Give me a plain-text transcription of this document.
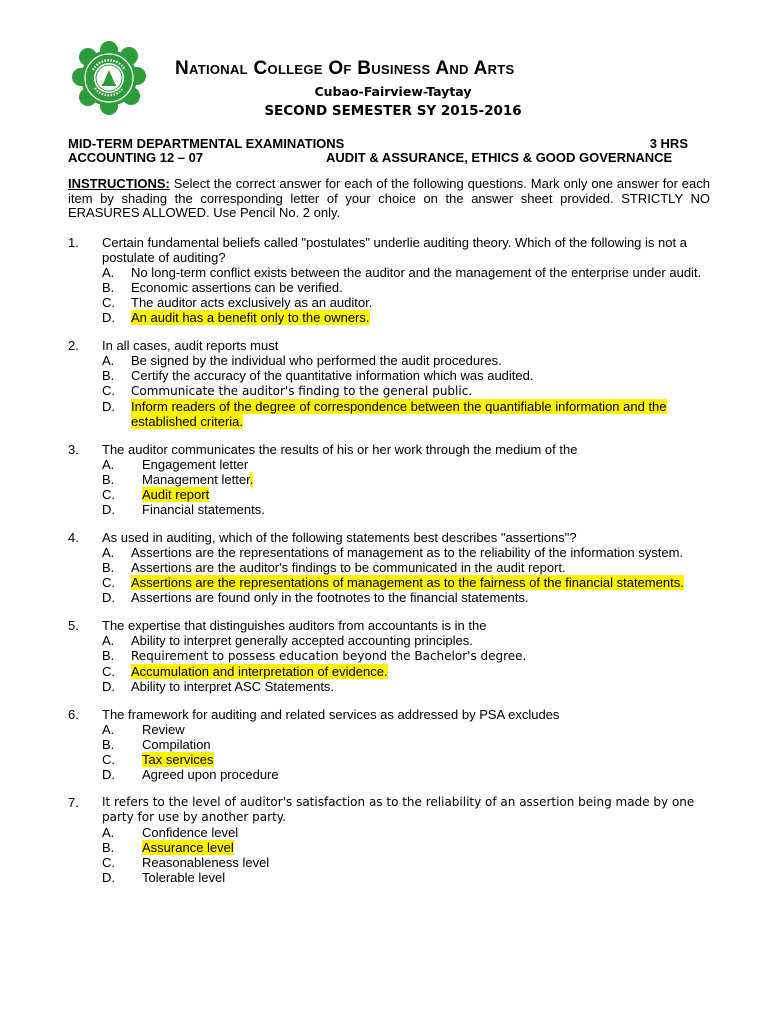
National College Of Business And Arts
Cubao-Fairview-Taytay
SECOND SEMESTER SY 2015-2016
MID-TERM DEPARTMENTAL EXAMINATIONS	3 HRS
ACCOUNTING 12 – 07	AUDIT & ASSURANCE, ETHICS & GOOD GOVERNANCE
INSTRUCTIONS: Select the correct answer for each of the following questions. Mark only one answer for each item by shading the corresponding letter of your choice on the answer sheet provided. STRICTLY NO ERASURES ALLOWED. Use Pencil No. 2 only.
1.	Certain fundamental beliefs called "postulates" underlie auditing theory. Which of the following is not a postulate of auditing?
A.	No long-term conflict exists between the auditor and the management of the enterprise under audit.
B.	Economic assertions can be verified.
C.	The auditor acts exclusively as an auditor.
D.	An audit has a benefit only to the owners.
2.	In all cases, audit reports must
A.	Be signed by the individual who performed the audit procedures.
B.	Certify the accuracy of the quantitative information which was audited.
C.	Communicate the auditor's finding to the general public.
D.	Inform readers of the degree of correspondence between the quantifiable information and the established criteria.
3.	The auditor communicates the results of his or her work through the medium of the
A.	Engagement letter
B.	Management letter.
C.	Audit report
D.	Financial statements.
4.	As used in auditing, which of the following statements best describes "assertions"?
A.	Assertions are the representations of management as to the reliability of the information system.
B.	Assertions are the auditor's findings to be communicated in the audit report.
C.	Assertions are the representations of management as to the fairness of the financial statements.
D.	Assertions are found only in the footnotes to the financial statements.
5.	The expertise that distinguishes auditors from accountants is in the
A.	Ability to interpret generally accepted accounting principles.
B.	Requirement to possess education beyond the Bachelor's degree.
C.	Accumulation and interpretation of evidence.
D.	Ability to interpret ASC Statements.
6.	The framework for auditing and related services as addressed by PSA excludes
A.	Review
B.	Compilation
C.	Tax services
D.	Agreed upon procedure
7.	It refers to the level of auditor's satisfaction as to the reliability of an assertion being made by one party for use by another party.
A.	Confidence level
B.	Assurance level
C.	Reasonableness level
D.	Tolerable level
